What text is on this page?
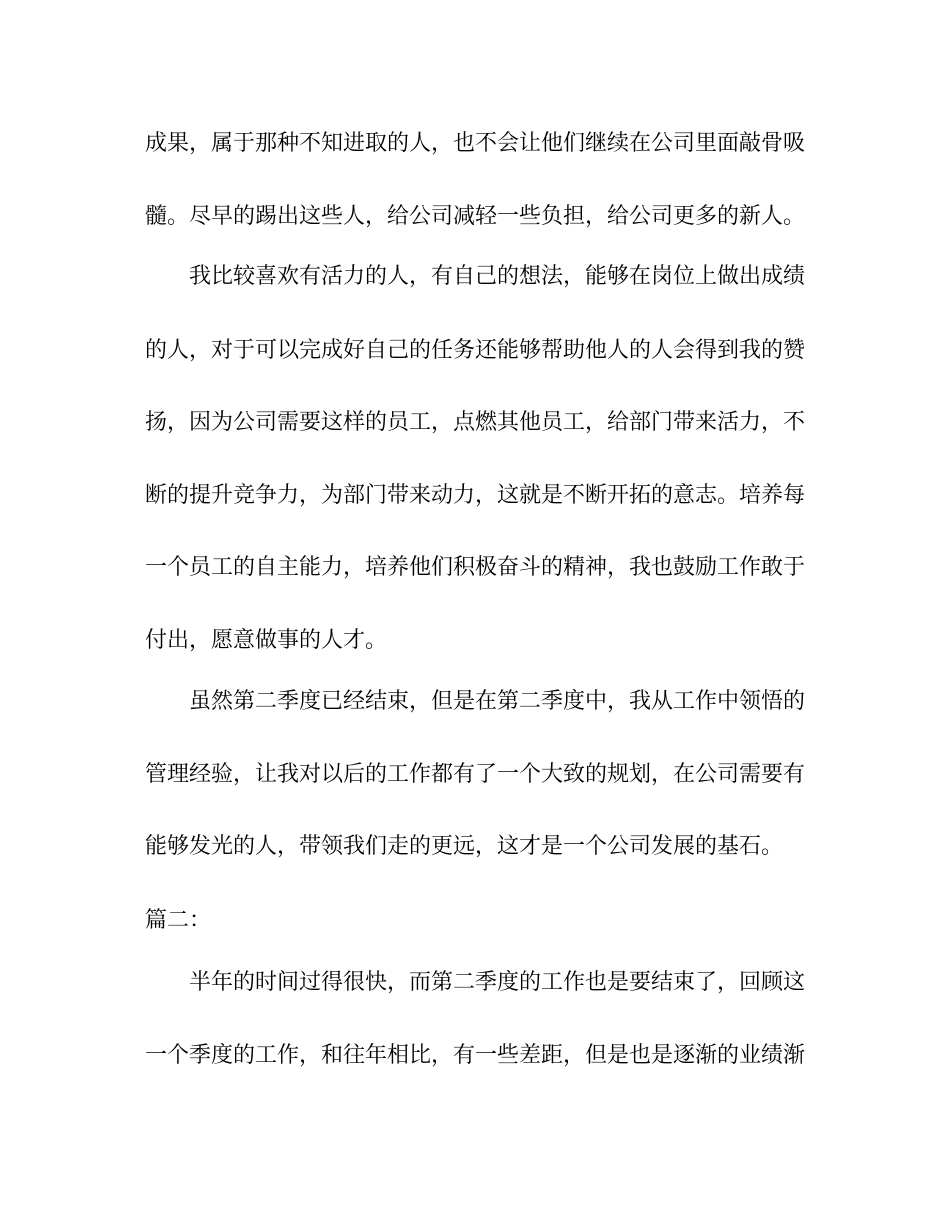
成果，属于那种不知进取的人，也不会让他们继续在公司里面敲骨吸
髓。尽早的踢出这些人，给公司减轻一些负担，给公司更多的新人。
我比较喜欢有活力的人，有自己的想法，能够在岗位上做出成绩
的人，对于可以完成好自己的任务还能够帮助他人的人会得到我的赞
扬，因为公司需要这样的员工，点燃其他员工，给部门带来活力，不
断的提升竞争力，为部门带来动力，这就是不断开拓的意志。培养每
一个员工的自主能力，培养他们积极奋斗的精神，我也鼓励工作敢于
付出，愿意做事的人才。
虽然第二季度已经结束，但是在第二季度中，我从工作中领悟的
管理经验，让我对以后的工作都有了一个大致的规划，在公司需要有
能够发光的人，带领我们走的更远，这才是一个公司发展的基石。
篇二：
半年的时间过得很快，而第二季度的工作也是要结束了，回顾这
一个季度的工作，和往年相比，有一些差距，但是也是逐渐的业绩渐
